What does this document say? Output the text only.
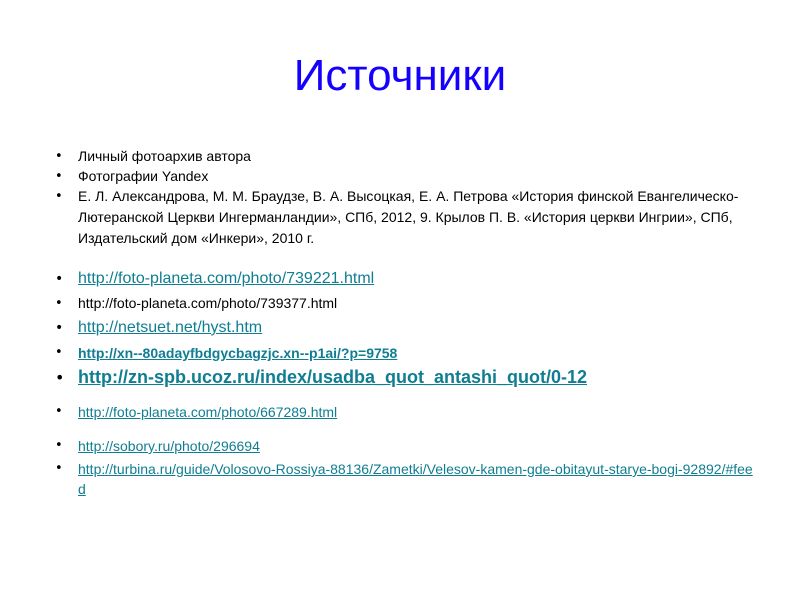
Источники
• Личный фотоархив автора
• Фотографии Yandex
• Е. Л. Александрова, М. М. Браудзе, В. А. Высоцкая, Е. А. Петрова «История финской Евангелическо-Лютеранской Церкви Ингерманландии», СПб, 2012, 9. Крылов П. В. «История церкви Ингрии», СПб, Издательский дом «Инкери», 2010 г.
• http://foto-planeta.com/photo/739221.html
• http://foto-planeta.com/photo/739377.html
• http://netsuet.net/hyst.htm
• http://xn--80adayfbdgycbagzjc.xn--p1ai/?p=9758
• http://zn-spb.ucoz.ru/index/usadba_quot_antashi_quot/0-12
• http://foto-planeta.com/photo/667289.html
• http://sobory.ru/photo/296694
• http://turbina.ru/guide/Volosovo-Rossiya-88136/Zametki/Velesov-kamen-gde-obitayut-starye-bogi-92892/#feed
